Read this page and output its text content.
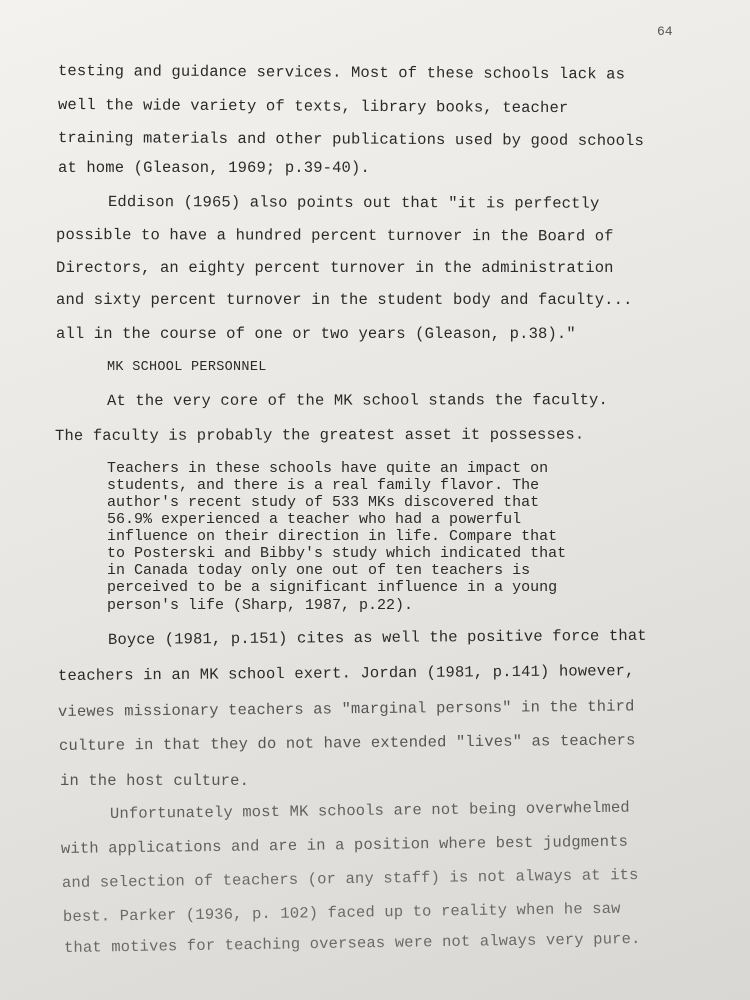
64
testing and guidance services. Most of these schools lack as
well the wide variety of texts, library books, teacher
training materials and other publications used by good schools
at home (Gleason, 1969; p.39-40).
Eddison (1965) also points out that "it is perfectly
possible to have a hundred percent turnover in the Board of
Directors, an eighty percent turnover in the administration
and sixty percent turnover in the student body and faculty...
all in the course of one or two years (Gleason, p.38)."
MK SCHOOL PERSONNEL
At the very core of the MK school stands the faculty.
The faculty is probably the greatest asset it possesses.
Teachers in these schools have quite an impact on
students, and there is a real family flavor. The
author's recent study of 533 MKs discovered that
56.9% experienced a teacher who had a powerful
influence on their direction in life. Compare that
to Posterski and Bibby's study which indicated that
in Canada today only one out of ten teachers is
perceived to be a significant influence in a young
person's life (Sharp, 1987, p.22).
Boyce (1981, p.151) cites as well the positive force that
teachers in an MK school exert. Jordan (1981, p.141) however,
viewes missionary teachers as "marginal persons" in the third
culture in that they do not have extended "lives" as teachers
in the host culture.
Unfortunately most MK schools are not being overwhelmed
with applications and are in a position where best judgments
and selection of teachers (or any staff) is not always at its
best. Parker (1936, p. 102) faced up to reality when he saw
that motives for teaching overseas were not always very pure.
